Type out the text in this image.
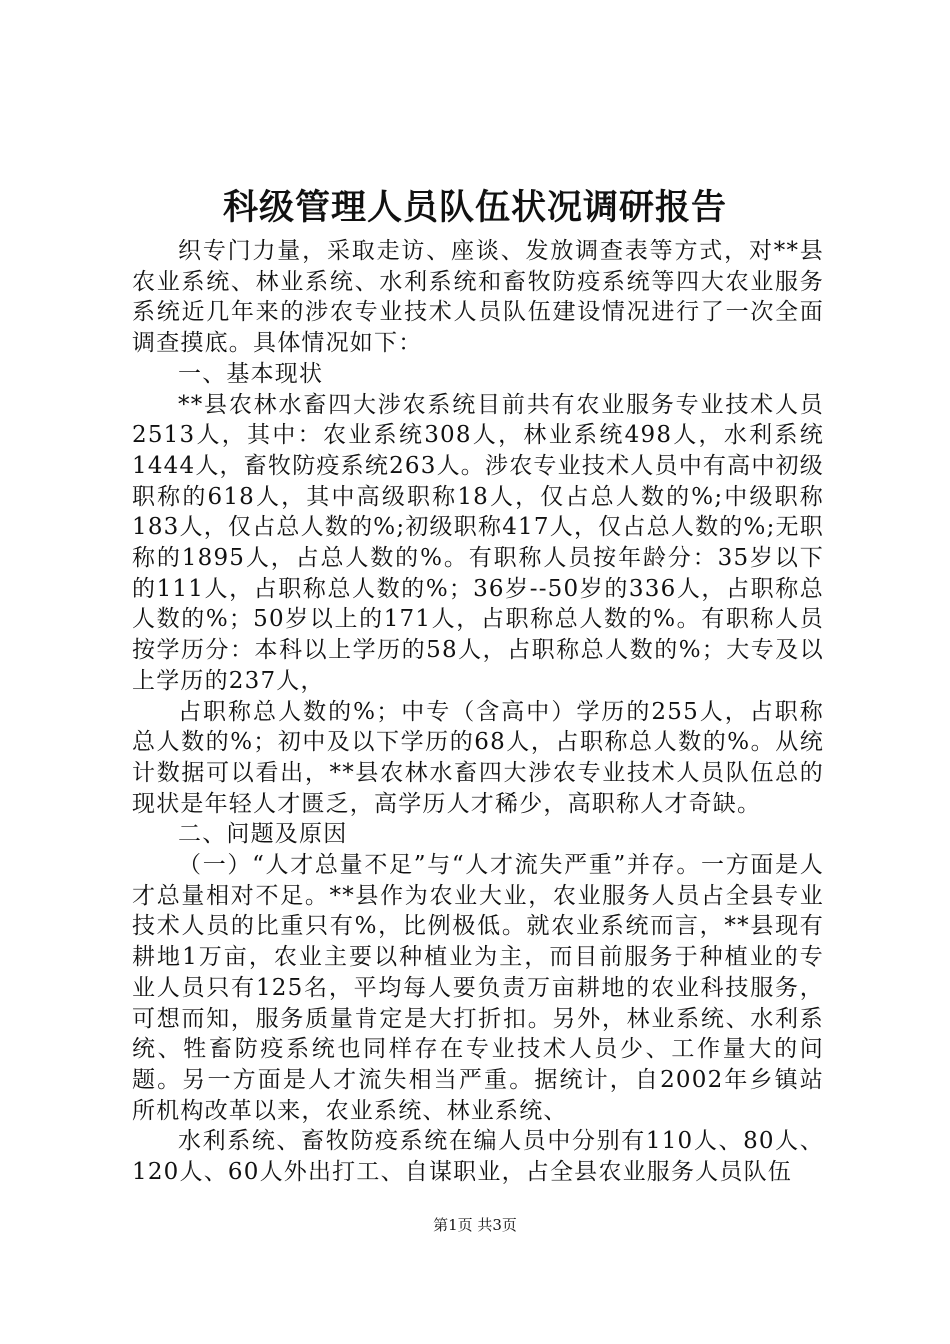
科级管理人员队伍状况调研报告

织专门力量，采取走访、座谈、发放调查表等方式，对**县农业系统、林业系统、水利系统和畜牧防疫系统等四大农业服务系统近几年来的涉农专业技术人员队伍建设情况进行了一次全面调查摸底。具体情况如下：

一、基本现状

**县农林水畜四大涉农系统目前共有农业服务专业技术人员2513人，其中：农业系统308人，林业系统498人，水利系统1444人，畜牧防疫系统263人。涉农专业技术人员中有高中初级职称的618人，其中高级职称18人，仅占总人数的%;中级职称183人，仅占总人数的%;初级职称417人，仅占总人数的%;无职称的1895人，占总人数的%。有职称人员按年龄分：35岁以下的111人，占职称总人数的%；36岁--50岁的336人，占职称总人数的%；50岁以上的171人，占职称总人数的%。有职称人员按学历分：本科以上学历的58人，占职称总人数的%；大专及以上学历的237人，

占职称总人数的%；中专（含高中）学历的255人，占职称总人数的%；初中及以下学历的68人，占职称总人数的%。从统计数据可以看出，**县农林水畜四大涉农专业技术人员队伍总的现状是年轻人才匮乏，高学历人才稀少，高职称人才奇缺。

二、问题及原因

（一）“人才总量不足”与“人才流失严重”并存。一方面是人才总量相对不足。**县作为农业大业，农业服务人员占全县专业技术人员的比重只有%，比例极低。就农业系统而言，**县现有耕地1万亩，农业主要以种植业为主，而目前服务于种植业的专业人员只有125名，平均每人要负责万亩耕地的农业科技服务，可想而知，服务质量肯定是大打折扣。另外，林业系统、水利系统、牲畜防疫系统也同样存在专业技术人员少、工作量大的问题。另一方面是人才流失相当严重。据统计，自2002年乡镇站所机构改革以来，农业系统、林业系统、

水利系统、畜牧防疫系统在编人员中分别有110人、80人、120人、60人外出打工、自谋职业，占全县农业服务人员队伍

第1页 共3页
